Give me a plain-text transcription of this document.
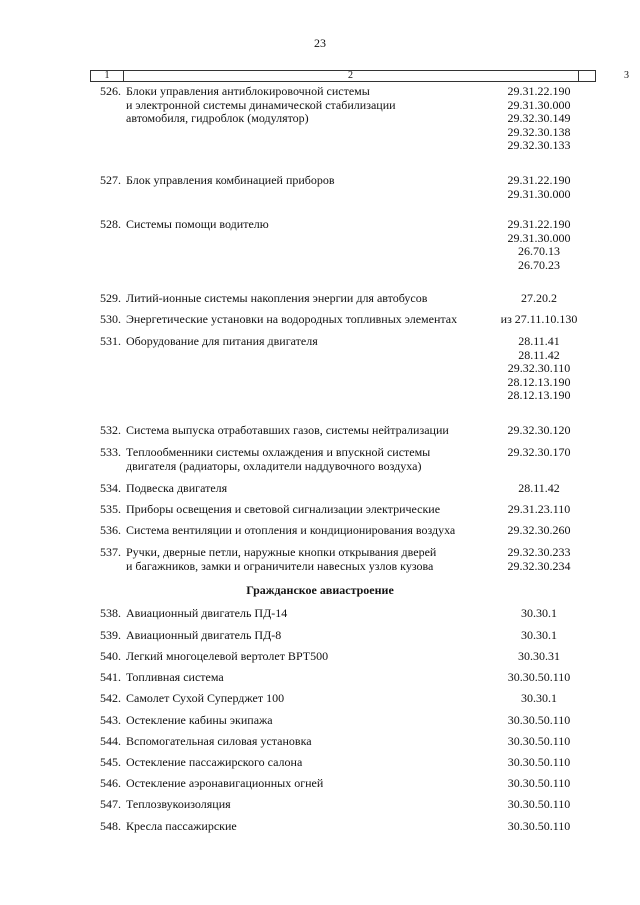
23
1	2	3
526. Блоки управления антиблокировочной системы
и электронной системы динамической стабилизации
автомобиля, гидроблок (модулятор)
29.31.22.190
29.31.30.000
29.32.30.149
29.32.30.138
29.32.30.133
527. Блок управления комбинацией приборов	29.31.22.190
29.31.30.000
528. Системы помощи водителю	29.31.22.190
29.31.30.000
26.70.13
26.70.23
529. Литий-ионные системы накопления энергии для автобусов	27.20.2
530. Энергетические установки на водородных топливных элементах	из 27.11.10.130
531. Оборудование для питания двигателя	28.11.41
28.11.42
29.32.30.110
28.12.13.190
28.12.13.190
532. Система выпуска отработавших газов, системы нейтрализации	29.32.30.120
533. Теплообменники системы охлаждения и впускной системы
двигателя (радиаторы, охладители наддувочного воздуха)
29.32.30.170
534. Подвеска двигателя	28.11.42
535. Приборы освещения и световой сигнализации электрические	29.31.23.110
536. Система вентиляции и отопления и кондиционирования воздуха	29.32.30.260
537. Ручки, дверные петли, наружные кнопки открывания дверей
и багажников, замки и ограничители навесных узлов кузова
29.32.30.233
29.32.30.234
Гражданское авиастроение
538. Авиационный двигатель ПД-14	30.30.1
539. Авиационный двигатель ПД-8	30.30.1
540. Легкий многоцелевой вертолет ВРТ500	30.30.31
541. Топливная система	30.30.50.110
542. Самолет Сухой Суперджет 100	30.30.1
543. Остекление кабины экипажа	30.30.50.110
544. Вспомогательная силовая установка	30.30.50.110
545. Остекление пассажирского салона	30.30.50.110
546. Остекление аэронавигационных огней	30.30.50.110
547. Теплозвукоизоляция	30.30.50.110
548. Кресла пассажирские	30.30.50.110
